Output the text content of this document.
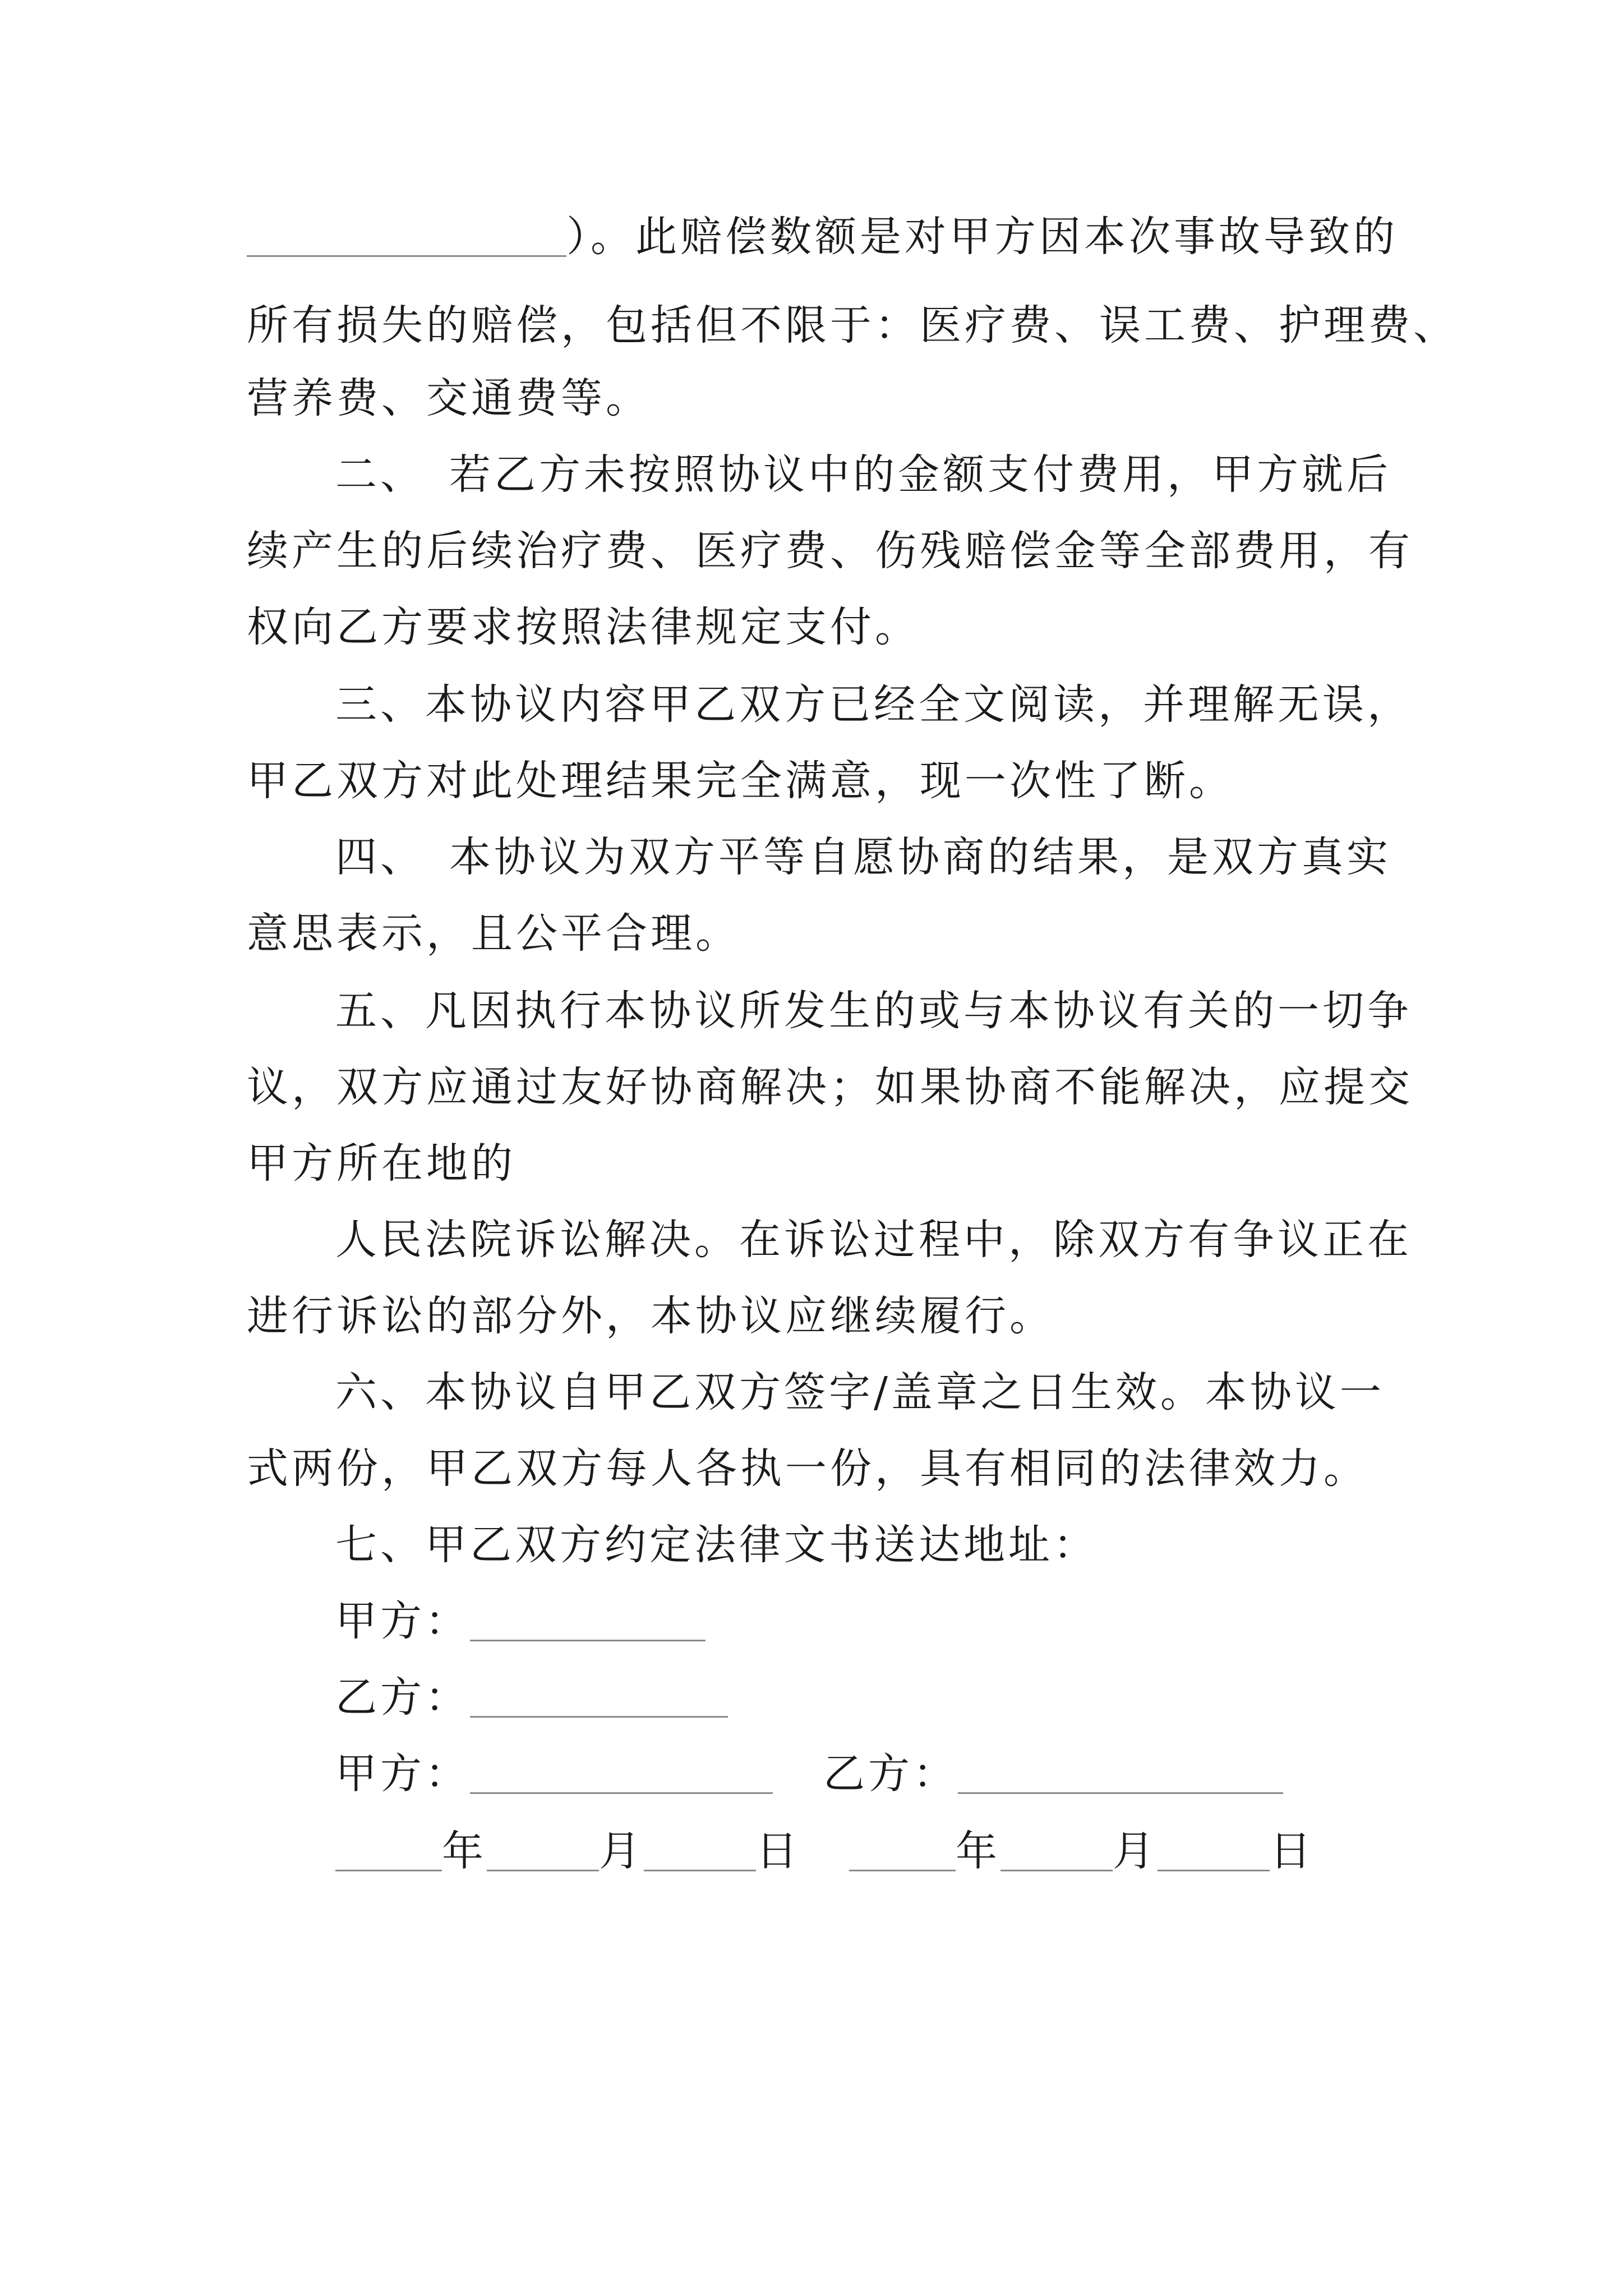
）。此赔偿数额是对甲方因本次事故导致的
所有损失的赔偿，包括但不限于：医疗费、误工费、护理费、
营养费、交通费等。
二、　若乙方未按照协议中的金额支付费用，甲方就后
续产生的后续治疗费、医疗费、伤残赔偿金等全部费用，有
权向乙方要求按照法律规定支付。
三、本协议内容甲乙双方已经全文阅读，并理解无误，
甲乙双方对此处理结果完全满意，现一次性了断。
四、　本协议为双方平等自愿协商的结果，是双方真实
意思表示，且公平合理。
五、凡因执行本协议所发生的或与本协议有关的一切争
议，双方应通过友好协商解决；如果协商不能解决，应提交
甲方所在地的
人民法院诉讼解决。在诉讼过程中，除双方有争议正在
进行诉讼的部分外，本协议应继续履行。
六、本协议自甲乙双方签字/盖章之日生效。本协议一
式两份，甲乙双方每人各执一份，具有相同的法律效力。
七、甲乙双方约定法律文书送达地址：
甲方：
乙方：
甲方：	乙方：
年	月	日	年	月	日
